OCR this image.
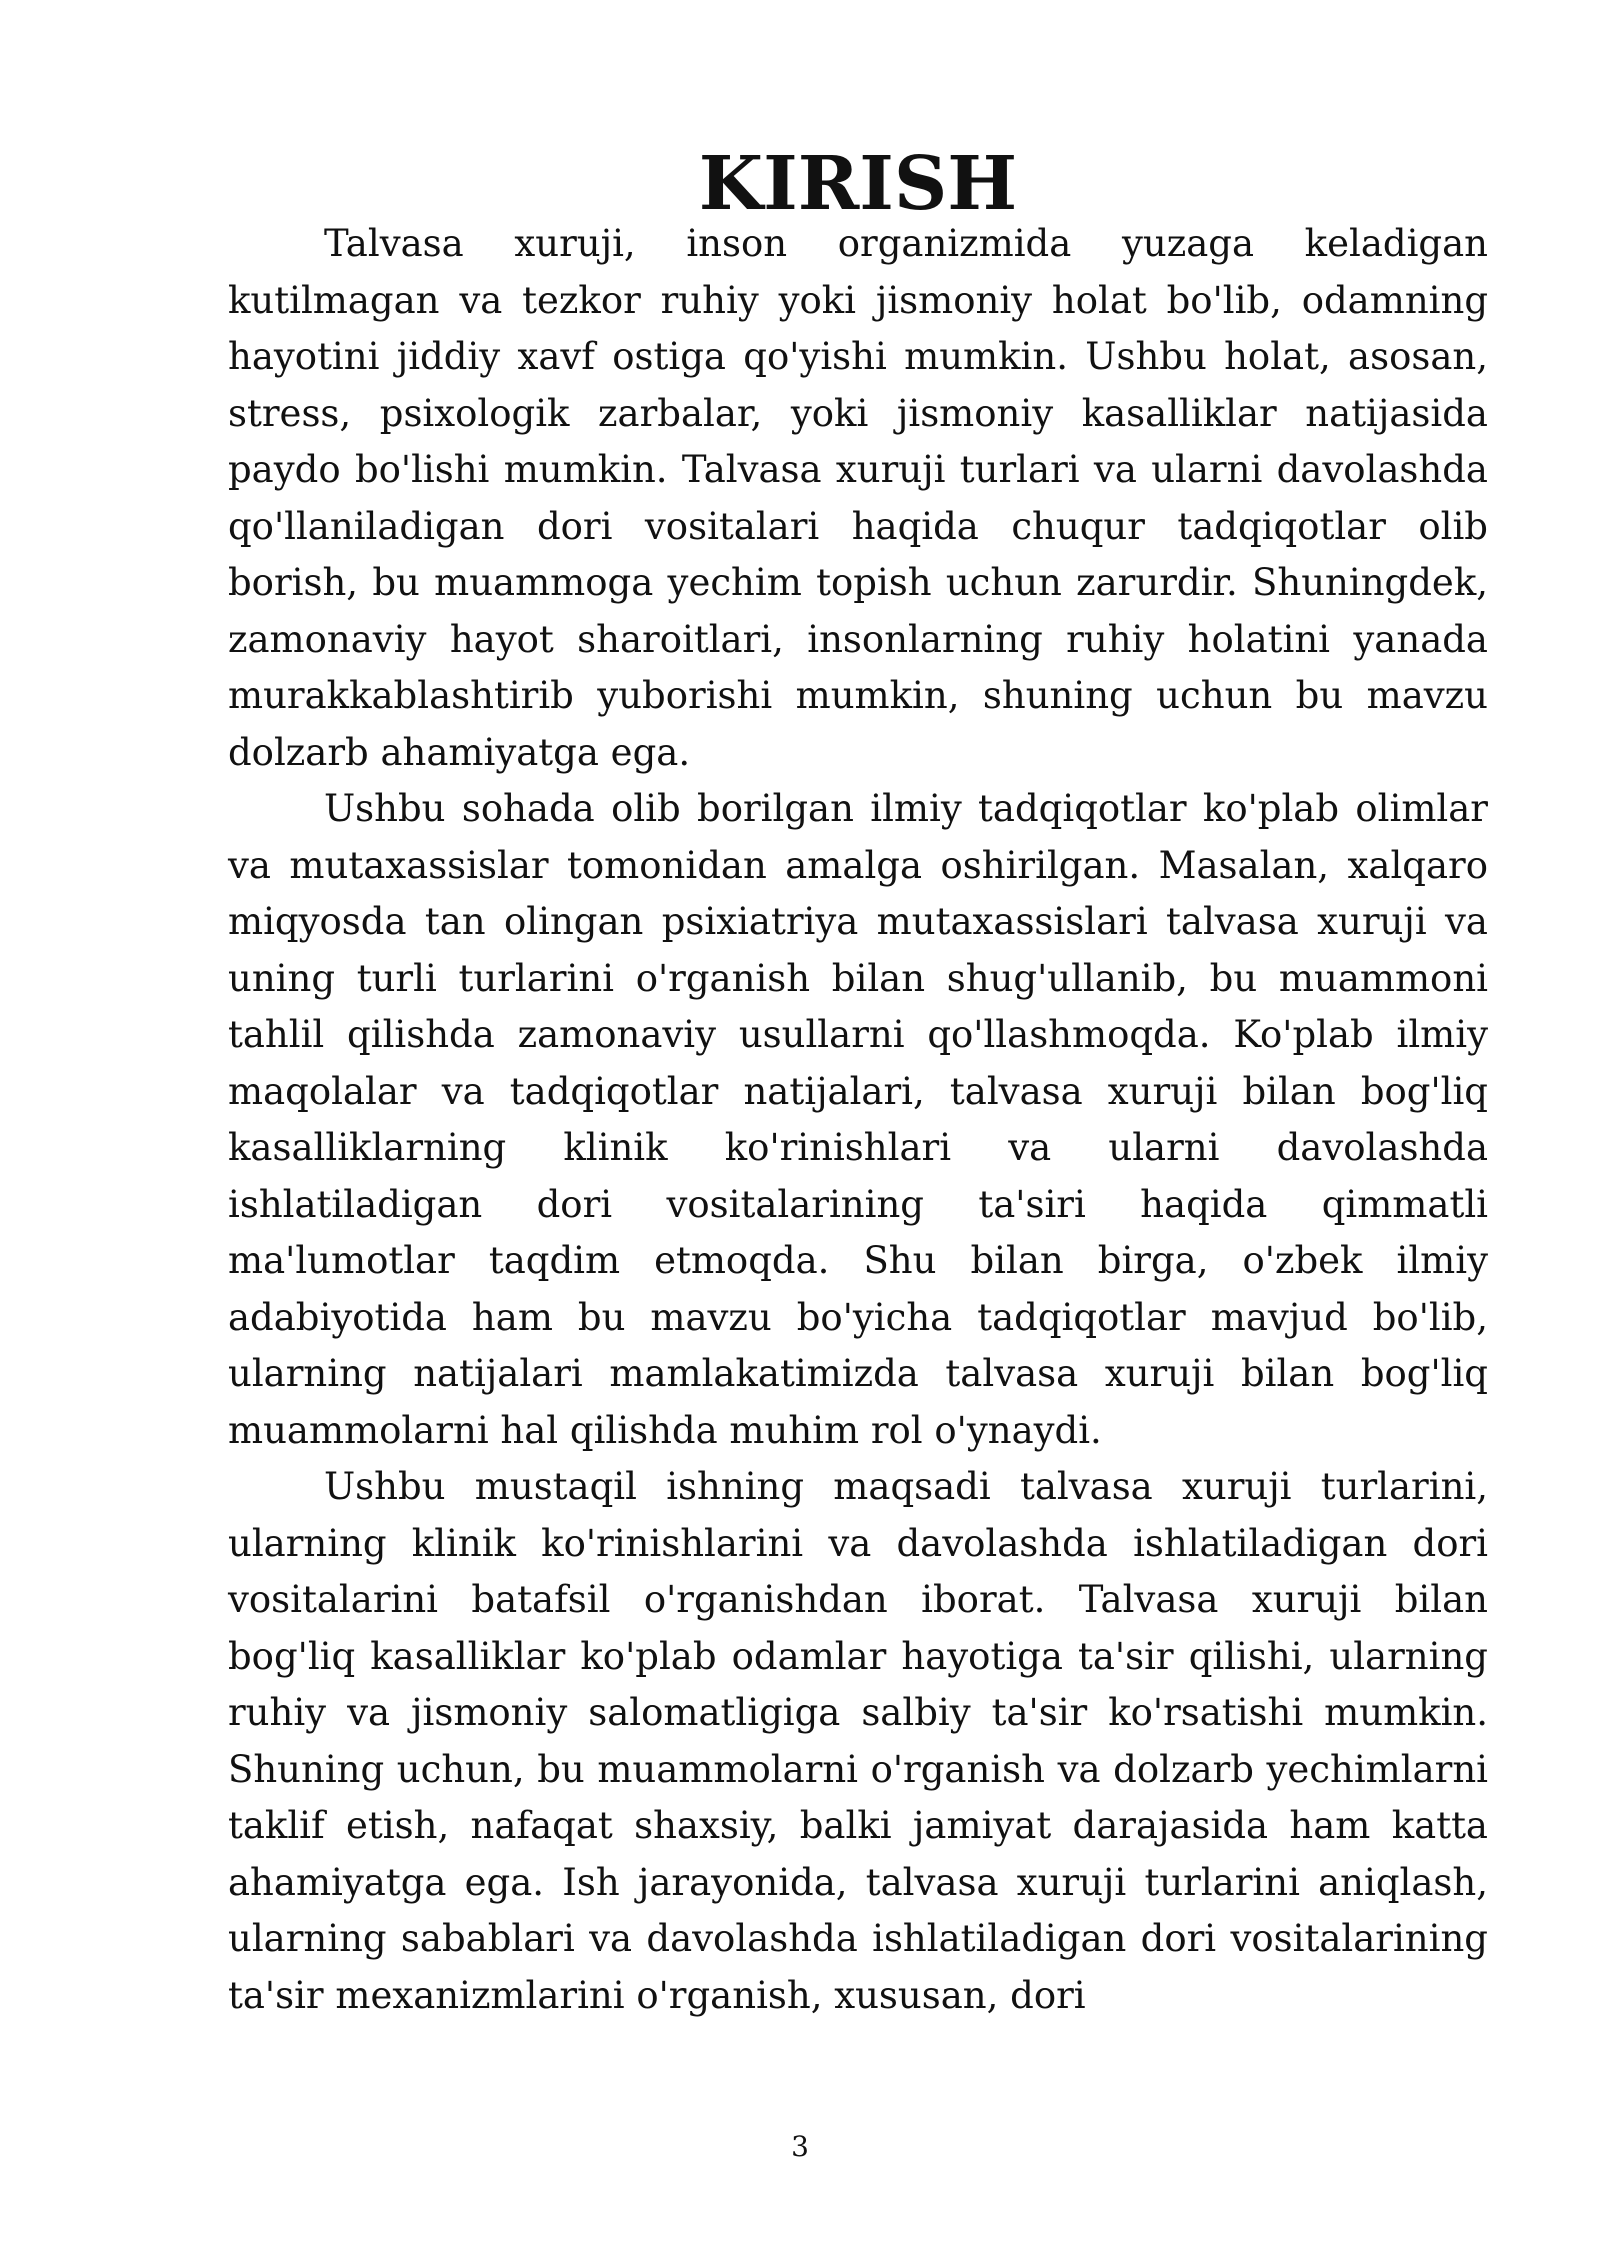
KIRISH

Talvasa xuruji, inson organizmida yuzaga keladigan kutilmagan va tezkor ruhiy yoki jismoniy holat bo'lib, odamning hayotini jiddiy xavf ostiga qo'yishi mumkin. Ushbu holat, asosan, stress, psixologik zarbalar, yoki jismoniy kasalliklar natijasida paydo bo'lishi mumkin. Talvasa xuruji turlari va ularni davolashda qo'llaniladigan dori vositalari haqida chuqur tadqiqotlar olib borish, bu muammoga yechim topish uchun zarurdir. Shuningdek, zamonaviy hayot sharoitlari, insonlarning ruhiy holatini yanada murakkablashtirib yuborishi mumkin, shuning uchun bu mavzu dolzarb ahamiyatga ega.

Ushbu sohada olib borilgan ilmiy tadqiqotlar ko'plab olimlar va mutaxassislar tomonidan amalga oshirilgan. Masalan, xalqaro miqyosda tan olingan psixiatriya mutaxassislari talvasa xuruji va uning turli turlarini o'rganish bilan shug'ullanib, bu muammoni tahlil qilishda zamonaviy usullarni qo'llashmoqda. Ko'plab ilmiy maqolalar va tadqiqotlar natijalari, talvasa xuruji bilan bog'liq kasalliklarning klinik ko'rinishlari va ularni davolashda ishlatiladigan dori vositalarining ta'siri haqida qimmatli ma'lumotlar taqdim etmoqda. Shu bilan birga, o'zbek ilmiy adabiyotida ham bu mavzu bo'yicha tadqiqotlar mavjud bo'lib, ularning natijalari mamlakatimizda talvasa xuruji bilan bog'liq muammolarni hal qilishda muhim rol o'ynaydi.

Ushbu mustaqil ishning maqsadi talvasa xuruji turlarini, ularning klinik ko'rinishlarini va davolashda ishlatiladigan dori vositalarini batafsil o'rganishdan iborat. Talvasa xuruji bilan bog'liq kasalliklar ko'plab odamlar hayotiga ta'sir qilishi, ularning ruhiy va jismoniy salomatligiga salbiy ta'sir ko'rsatishi mumkin. Shuning uchun, bu muammolarni o'rganish va dolzarb yechimlarni taklif etish, nafaqat shaxsiy, balki jamiyat darajasida ham katta ahamiyatga ega. Ish jarayonida, talvasa xuruji turlarini aniqlash, ularning sabablari va davolashda ishlatiladigan dori vositalarining ta'sir mexanizmlarini o'rganish, xususan, dori

3
